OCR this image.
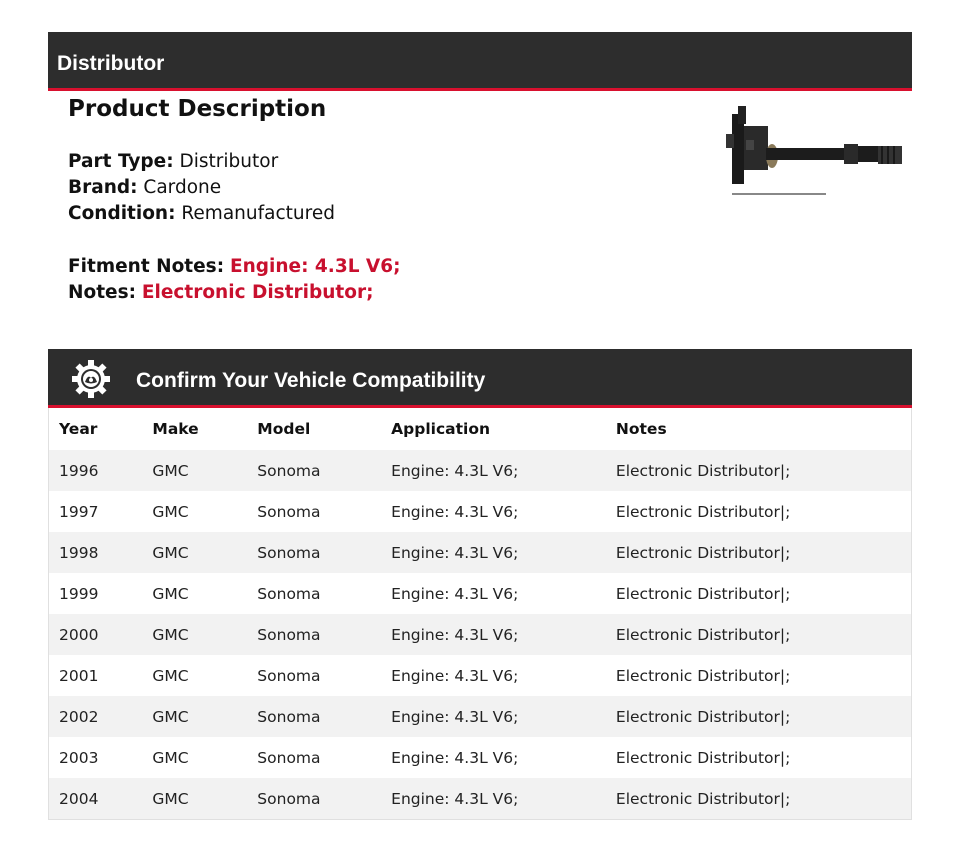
Distributor
Product Description
Part Type: Distributor
Brand: Cardone
Condition: Remanufactured
Fitment Notes: Engine: 4.3L V6;
Notes: Electronic Distributor;
Confirm Your Vehicle Compatibility
Year	Make	Model	Application	Notes
1996	GMC	Sonoma	Engine: 4.3L V6;	Electronic Distributor|;
1997	GMC	Sonoma	Engine: 4.3L V6;	Electronic Distributor|;
1998	GMC	Sonoma	Engine: 4.3L V6;	Electronic Distributor|;
1999	GMC	Sonoma	Engine: 4.3L V6;	Electronic Distributor|;
2000	GMC	Sonoma	Engine: 4.3L V6;	Electronic Distributor|;
2001	GMC	Sonoma	Engine: 4.3L V6;	Electronic Distributor|;
2002	GMC	Sonoma	Engine: 4.3L V6;	Electronic Distributor|;
2003	GMC	Sonoma	Engine: 4.3L V6;	Electronic Distributor|;
2004	GMC	Sonoma	Engine: 4.3L V6;	Electronic Distributor|;
